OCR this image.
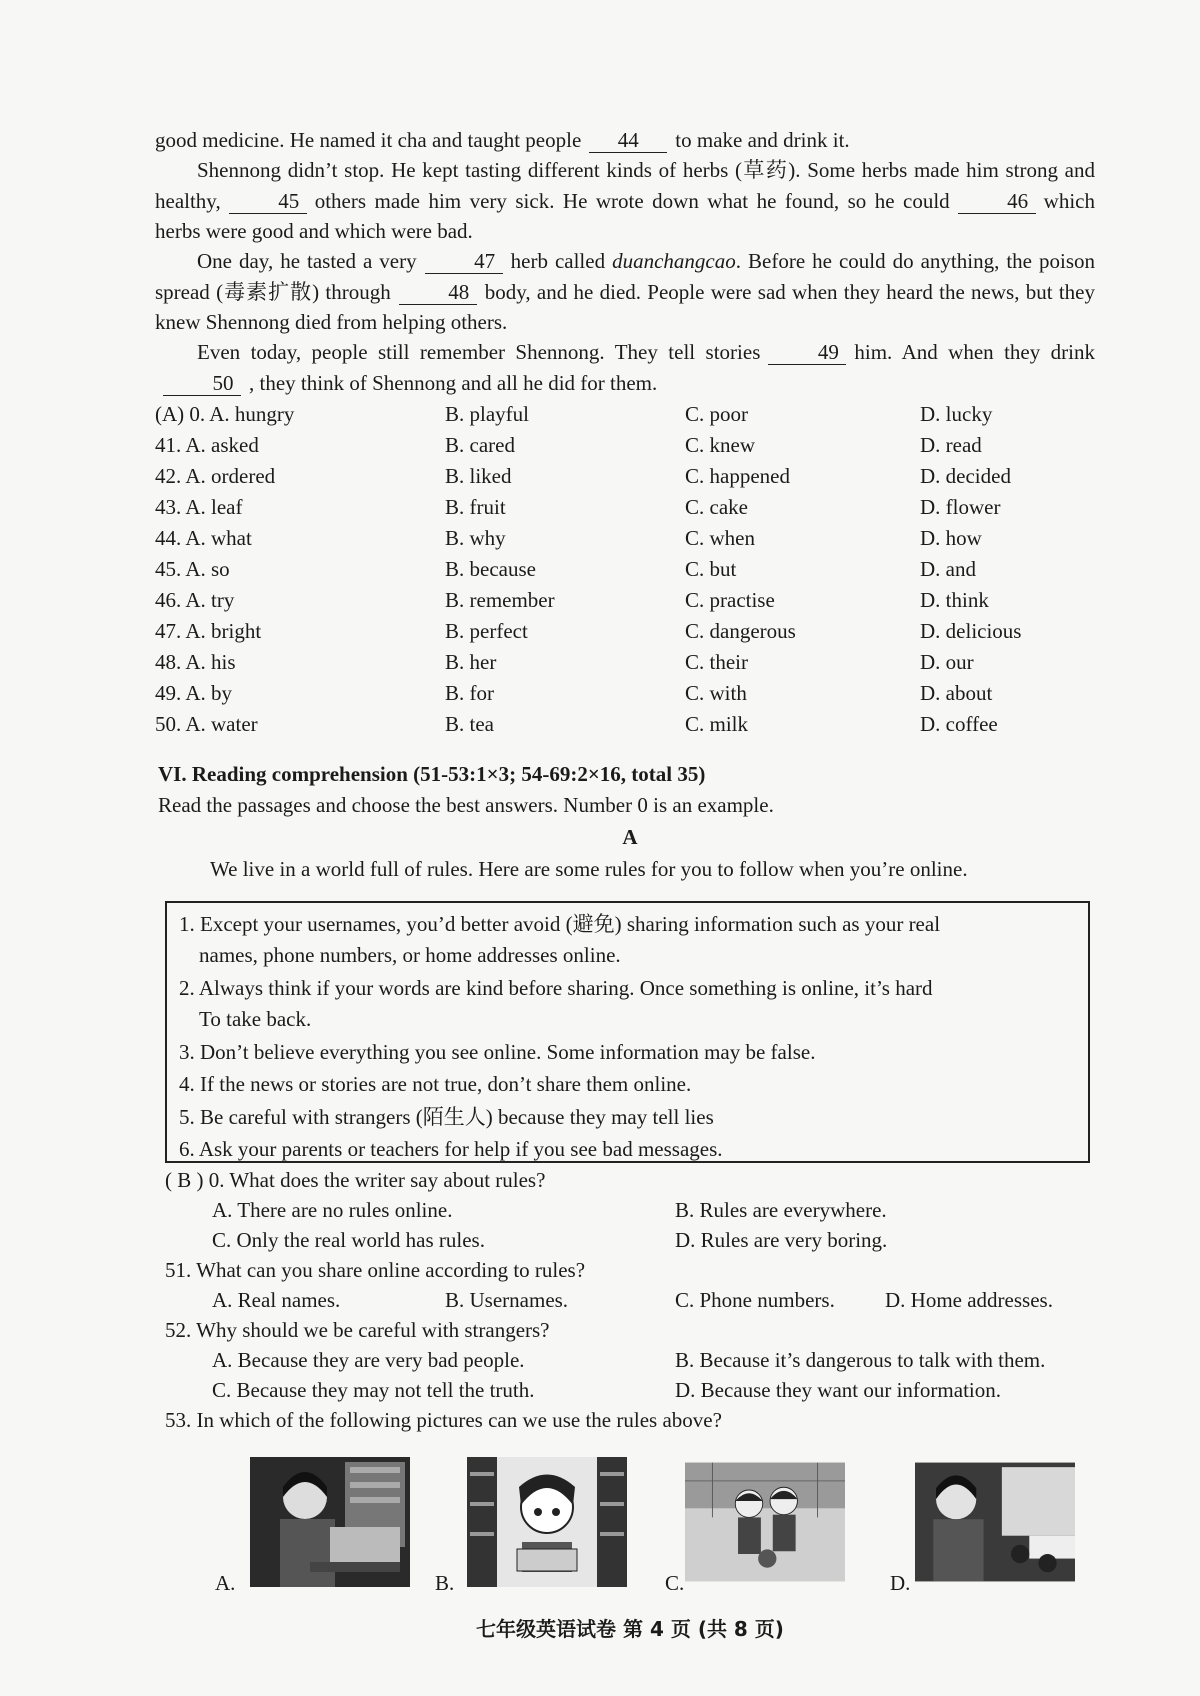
good medicine. He named it cha and taught people 44 to make and drink it.
Shennong didn’t stop. He kept tasting different kinds of herbs (草药). Some herbs made him strong and healthy,	45 others made him very sick. He wrote down what he found, so he could	46 which herbs were good and which were bad.
One day, he tasted a very	47 herb called duanchangcao. Before he could do anything, the poison spread (毒素扩散) through	48 body, and he died. People were sad when they heard the news, but they knew Shennong died from helping others.
Even today, people still remember Shennong. They tell stories	49 him. And when they drink50 , they think of Shennong and all he did for them.
(A) 0. A. hungry	B. playful	C. poor	D. lucky
41. A. asked	B. cared	C. knew	D. read
42. A. ordered	B. liked	C. happened	D. decided
43. A. leaf	B. fruit	C. cake	D. flower
44. A. what	B. why	C. when	D. how
45. A. so	B. because	C. but	D. and
46. A. try	B. remember	C. practise	D. think
47. A. bright	B. perfect	C. dangerous	D. delicious
48. A. his	B. her	C. their	D. our
49. A. by	B. for	C. with	D. about
50. A. water	B. tea	C. milk	D. coffee
VI. Reading comprehension (51-53:1×3; 54-69:2×16, total 35)
Read the passages and choose the best answers. Number 0 is an example.
A
We live in a world full of rules. Here are some rules for you to follow when you’re online.
1. Except your usernames, you’d better avoid (避免) sharing information such as your real
names, phone numbers, or home addresses online.
2. Always think if your words are kind before sharing. Once something is online, it’s hard
To take back.
3. Don’t believe everything you see online. Some information may be false.
4. If the news or stories are not true, don’t share them online.
5. Be careful with strangers (陌生人) because they may tell lies
6. Ask your parents or teachers for help if you see bad messages.
( B ) 0. What does the writer say about rules?
A. There are no rules online.	B. Rules are everywhere.
C. Only the real world has rules.	D. Rules are very boring.
51. What can you share online according to rules?
A. Real names.	B. Usernames.	C. Phone numbers. D. Home addresses.
52. Why should we be careful with strangers?
A. Because they are very bad people.	B. Because it’s dangerous to talk with them.
C. Because they may not tell the truth.	D. Because they want our information.
53. In which of the following pictures can we use the rules above?
A.	B.	C.	D.
七年级英语试卷 第 4 页 (共 8 页)
